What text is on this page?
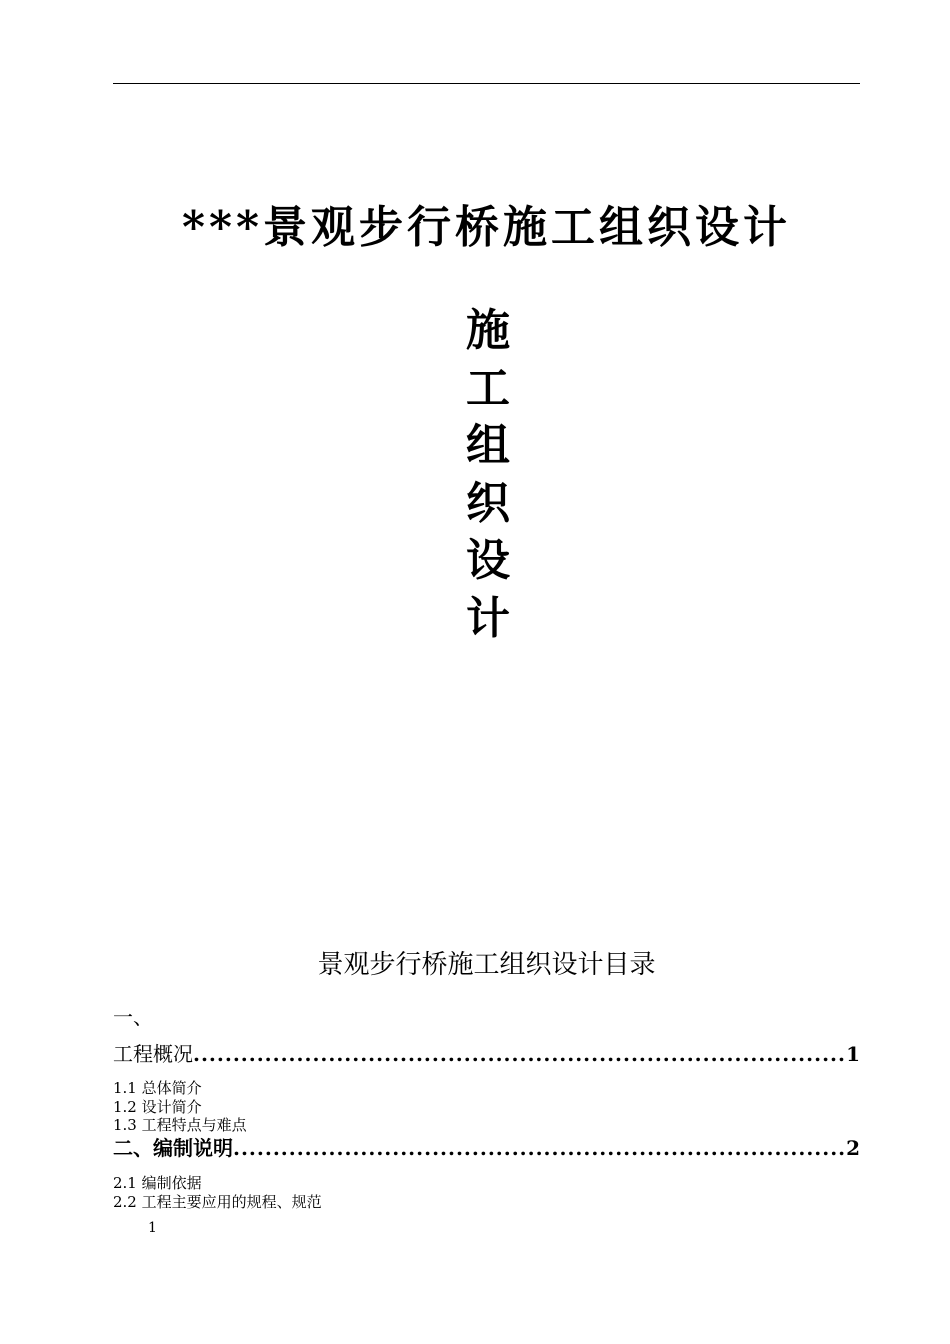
***景观步行桥施工组织设计
施
工
组
织
设
计
景观步行桥施工组织设计目录
一、
工程概况 .....	1
1.1 总体简介
1.2 设计简介
1.3 工程特点与难点
二、编制说明 .....	2
2.1 编制依据
2.2 工程主要应用的规程、规范
1
